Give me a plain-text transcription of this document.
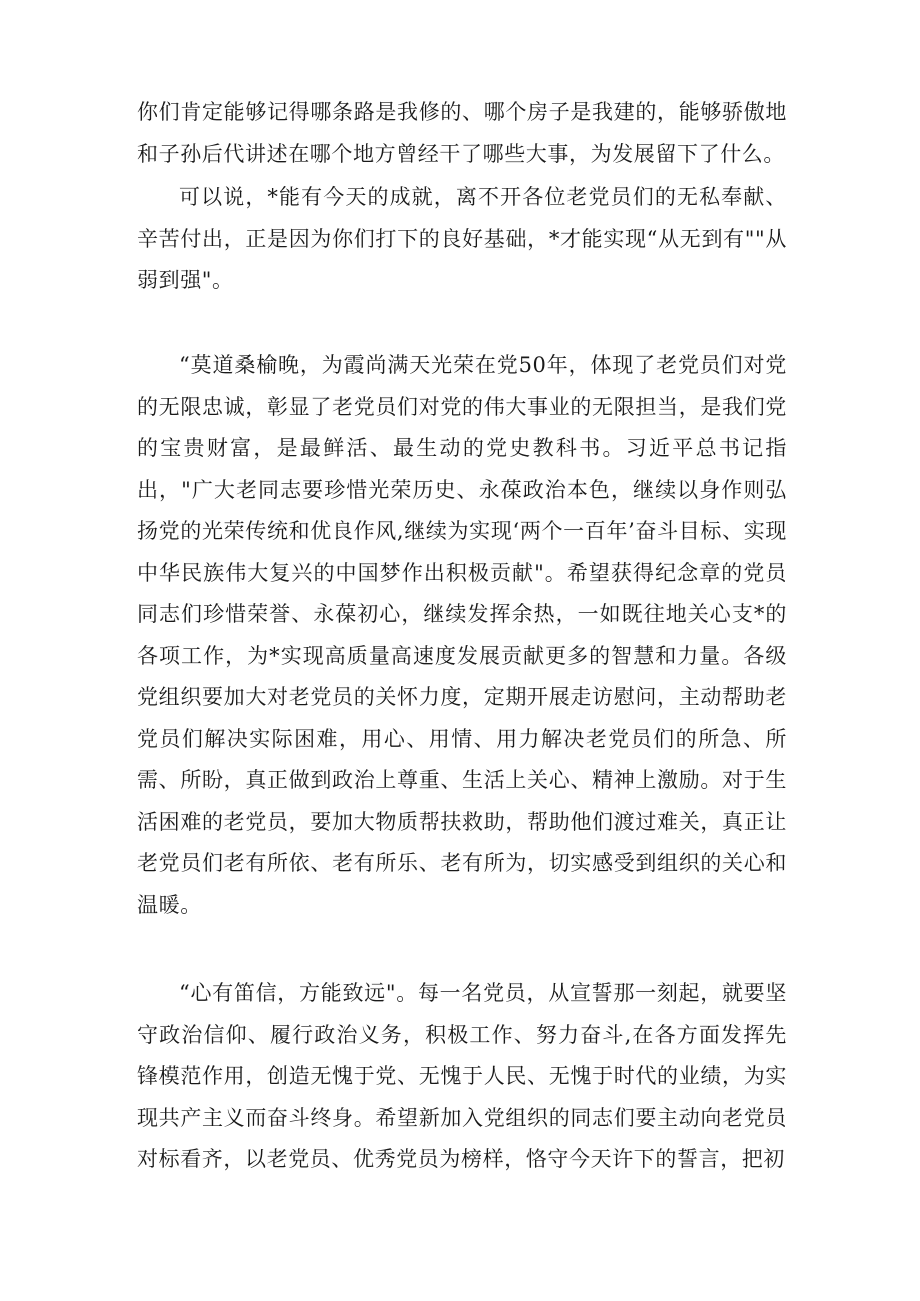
你们肯定能够记得哪条路是我修的、哪个房子是我建的，能够骄傲地和子孙后代讲述在哪个地方曾经干了哪些大事，为发展留下了什么。

可以说，*能有今天的成就，离不开各位老党员们的无私奉献、辛苦付出，正是因为你们打下的良好基础，*才能实现“从无到有""从弱到强"。

“莫道桑榆晚，为霞尚满天光荣在党50年，体现了老党员们对党的无限忠诚，彰显了老党员们对党的伟大事业的无限担当，是我们党的宝贵财富，是最鲜活、最生动的党史教科书。习近平总书记指出，"广大老同志要珍惜光荣历史、永葆政治本色，继续以身作则弘扬党的光荣传统和优良作风,继续为实现‘两个一百年’奋斗目标、实现中华民族伟大复兴的中国梦作出积极贡献"。希望获得纪念章的党员同志们珍惜荣誉、永葆初心，继续发挥余热，一如既往地关心支*的各项工作，为*实现高质量高速度发展贡献更多的智慧和力量。各级党组织要加大对老党员的关怀力度，定期开展走访慰问，主动帮助老党员们解决实际困难，用心、用情、用力解决老党员们的所急、所需、所盼，真正做到政治上尊重、生活上关心、精神上激励。对于生活困难的老党员，要加大物质帮扶救助，帮助他们渡过难关，真正让老党员们老有所依、老有所乐、老有所为，切实感受到组织的关心和温暖。

“心有笛信，方能致远"。每一名党员，从宣誓那一刻起，就要坚守政治信仰、履行政治义务，积极工作、努力奋斗,在各方面发挥先锋模范作用，创造无愧于党、无愧于人民、无愧于时代的业绩，为实现共产主义而奋斗终身。希望新加入党组织的同志们要主动向老党员对标看齐，以老党员、优秀党员为榜样，恪守今天许下的誓言，把初
